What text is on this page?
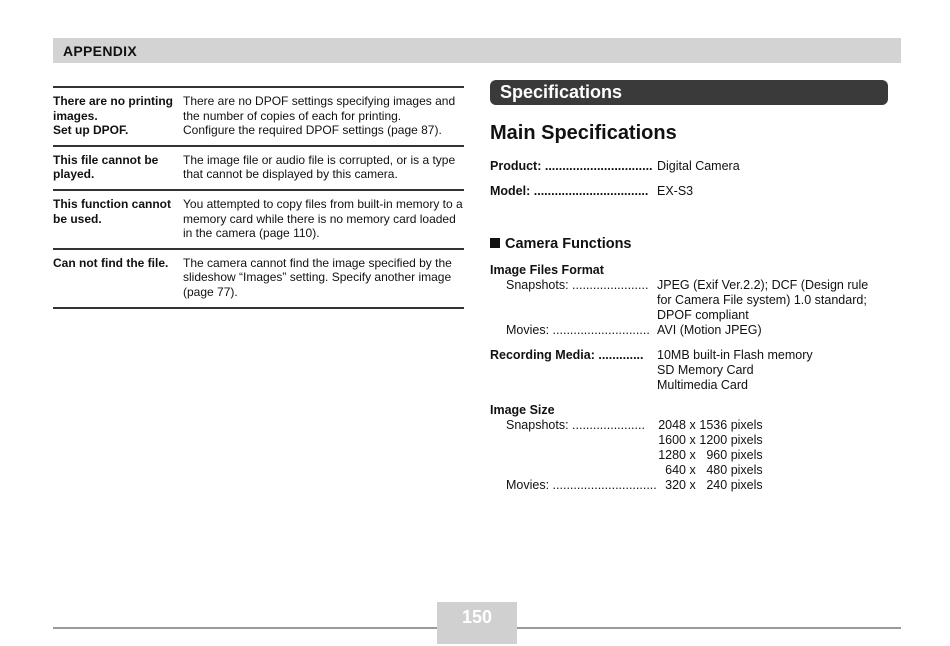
APPENDIX
There are no printing images.
Set up DPOF.
There are no DPOF settings specifying images and the number of copies of each for printing.
Configure the required DPOF settings (page 87).
This file cannot be played.
The image file or audio file is corrupted, or is a type that cannot be displayed by this camera.
This function cannot be used.
You attempted to copy files from built-in memory to a memory card while there is no memory card loaded in the camera (page 110).
Can not find the file.	The camera cannot find the image specified by the slideshow “Images” setting. Specify another image (page 77).
Specifications
Main Specifications
Product: ............................... Digital Camera
Model: ................................. EX-S3
Camera Functions
Image Files Format
Snapshots: ...................... JPEG (Exif Ver.2.2); DCF (Design rule
for Camera File system) 1.0 standard;
DPOF compliant
Movies: ............................ AVI (Motion JPEG)
Recording Media: ............. 10MB built-in Flash memory
SD Memory Card
Multimedia Card
Image Size
Snapshots: ..................... 2048 x 1536 pixels
1600 x 1200 pixels
1280 x 960 pixels
640 x 480 pixels
Movies: .............................. 320 x 240 pixels
150
